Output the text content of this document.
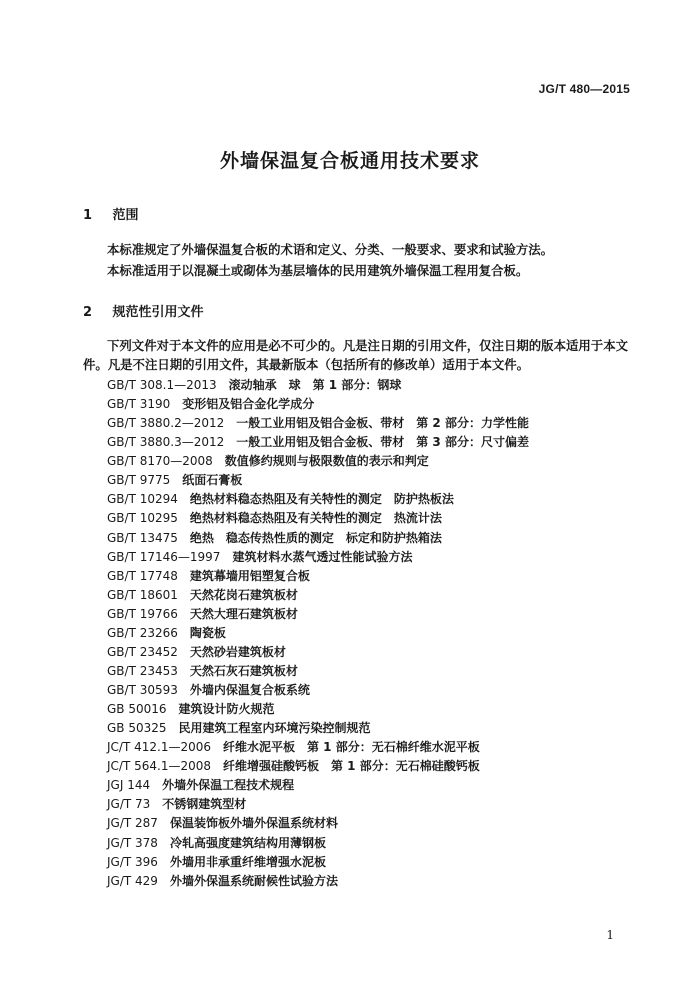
JG/T 480—2015
外墙保温复合板通用技术要求
1 范围
本标准规定了外墙保温复合板的术语和定义、分类、一般要求、要求和试验方法。
本标准适用于以混凝土或砌体为基层墙体的民用建筑外墙保温工程用复合板。
2 规范性引用文件
下列文件对于本文件的应用是必不可少的。凡是注日期的引用文件，仅注日期的版本适用于本文件。凡是不注日期的引用文件，其最新版本（包括所有的修改单）适用于本文件。
GB/T 308.1—2013   滚动轴承　球　第 1 部分：钢球
GB/T 3190   变形铝及铝合金化学成分
GB/T 3880.2—2012   一般工业用铝及铝合金板、带材　第 2 部分：力学性能
GB/T 3880.3—2012   一般工业用铝及铝合金板、带材　第 3 部分：尺寸偏差
GB/T 8170—2008   数值修约规则与极限数值的表示和判定
GB/T 9775   纸面石膏板
GB/T 10294   绝热材料稳态热阻及有关特性的测定　防护热板法
GB/T 10295   绝热材料稳态热阻及有关特性的测定　热流计法
GB/T 13475   绝热　稳态传热性质的测定　标定和防护热箱法
GB/T 17146—1997   建筑材料水蒸气透过性能试验方法
GB/T 17748   建筑幕墙用铝塑复合板
GB/T 18601   天然花岗石建筑板材
GB/T 19766   天然大理石建筑板材
GB/T 23266   陶瓷板
GB/T 23452   天然砂岩建筑板材
GB/T 23453   天然石灰石建筑板材
GB/T 30593   外墙内保温复合板系统
GB 50016   建筑设计防火规范
GB 50325   民用建筑工程室内环境污染控制规范
JC/T 412.1—2006   纤维水泥平板　第 1 部分：无石棉纤维水泥平板
JC/T 564.1—2008   纤维增强硅酸钙板　第 1 部分：无石棉硅酸钙板
JGJ 144   外墙外保温工程技术规程
JG/T 73   不锈钢建筑型材
JG/T 287   保温装饰板外墙外保温系统材料
JG/T 378   冷轧高强度建筑结构用薄钢板
JG/T 396   外墙用非承重纤维增强水泥板
JG/T 429   外墙外保温系统耐候性试验方法
1
